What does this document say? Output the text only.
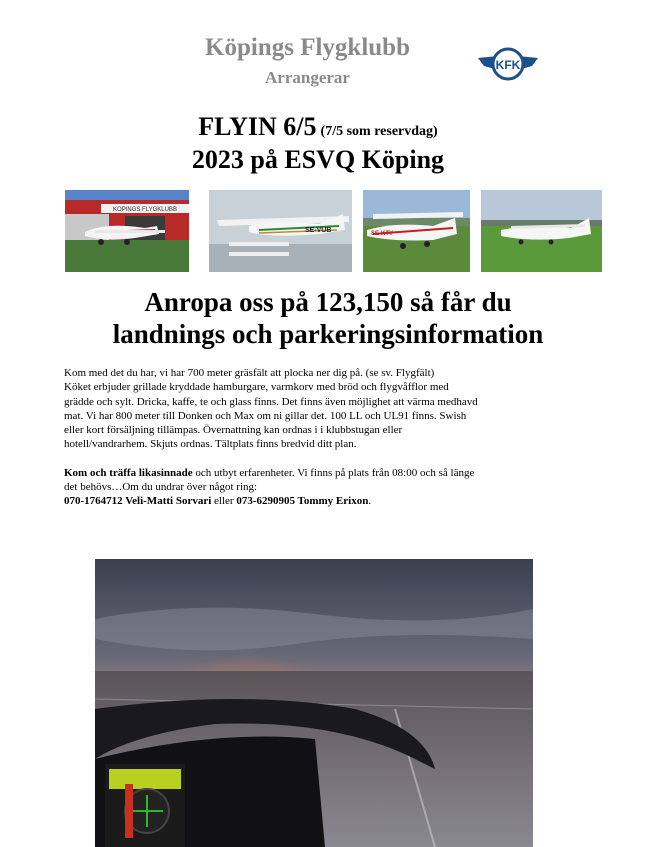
Köpings Flygklubb
Arrangerar
KFK
FLYIN 6/5 (7/5 som reservdag)
2023 på ESVQ Köping
KOPINGS FLYGKLUBB
SE-VUB	SE-KTY
Anropa oss på 123,150 så får du
landnings och parkeringsinformation

Kom med det du har, vi har 700 meter gräsfält att plocka ner dig på. (se sv. Flygfält)

Köket erbjuder grillade kryddade hamburgare, varmkorv med bröd och flygvåfflor med

grädde och sylt. Dricka, kaffe, te och glass finns. Det finns även möjlighet att värma medhavd

mat. Vi har 800 meter till Donken och Max om ni gillar det. 100 LL och UL91 finns. Swish

eller kort försäljning tillämpas. Övernattning kan ordnas i i klubbstugan eller

hotell/vandrarhem. Skjuts ordnas. Tältplats finns bredvid ditt plan.

Kom och träffa likasinnade och utbyt erfarenheter. Vi finns på plats från 08:00 och så länge

det behövs…Om du undrar över något ring:

070-1764712 Veli-Matti Sorvari eller 073-6290905 Tommy Erixon.
